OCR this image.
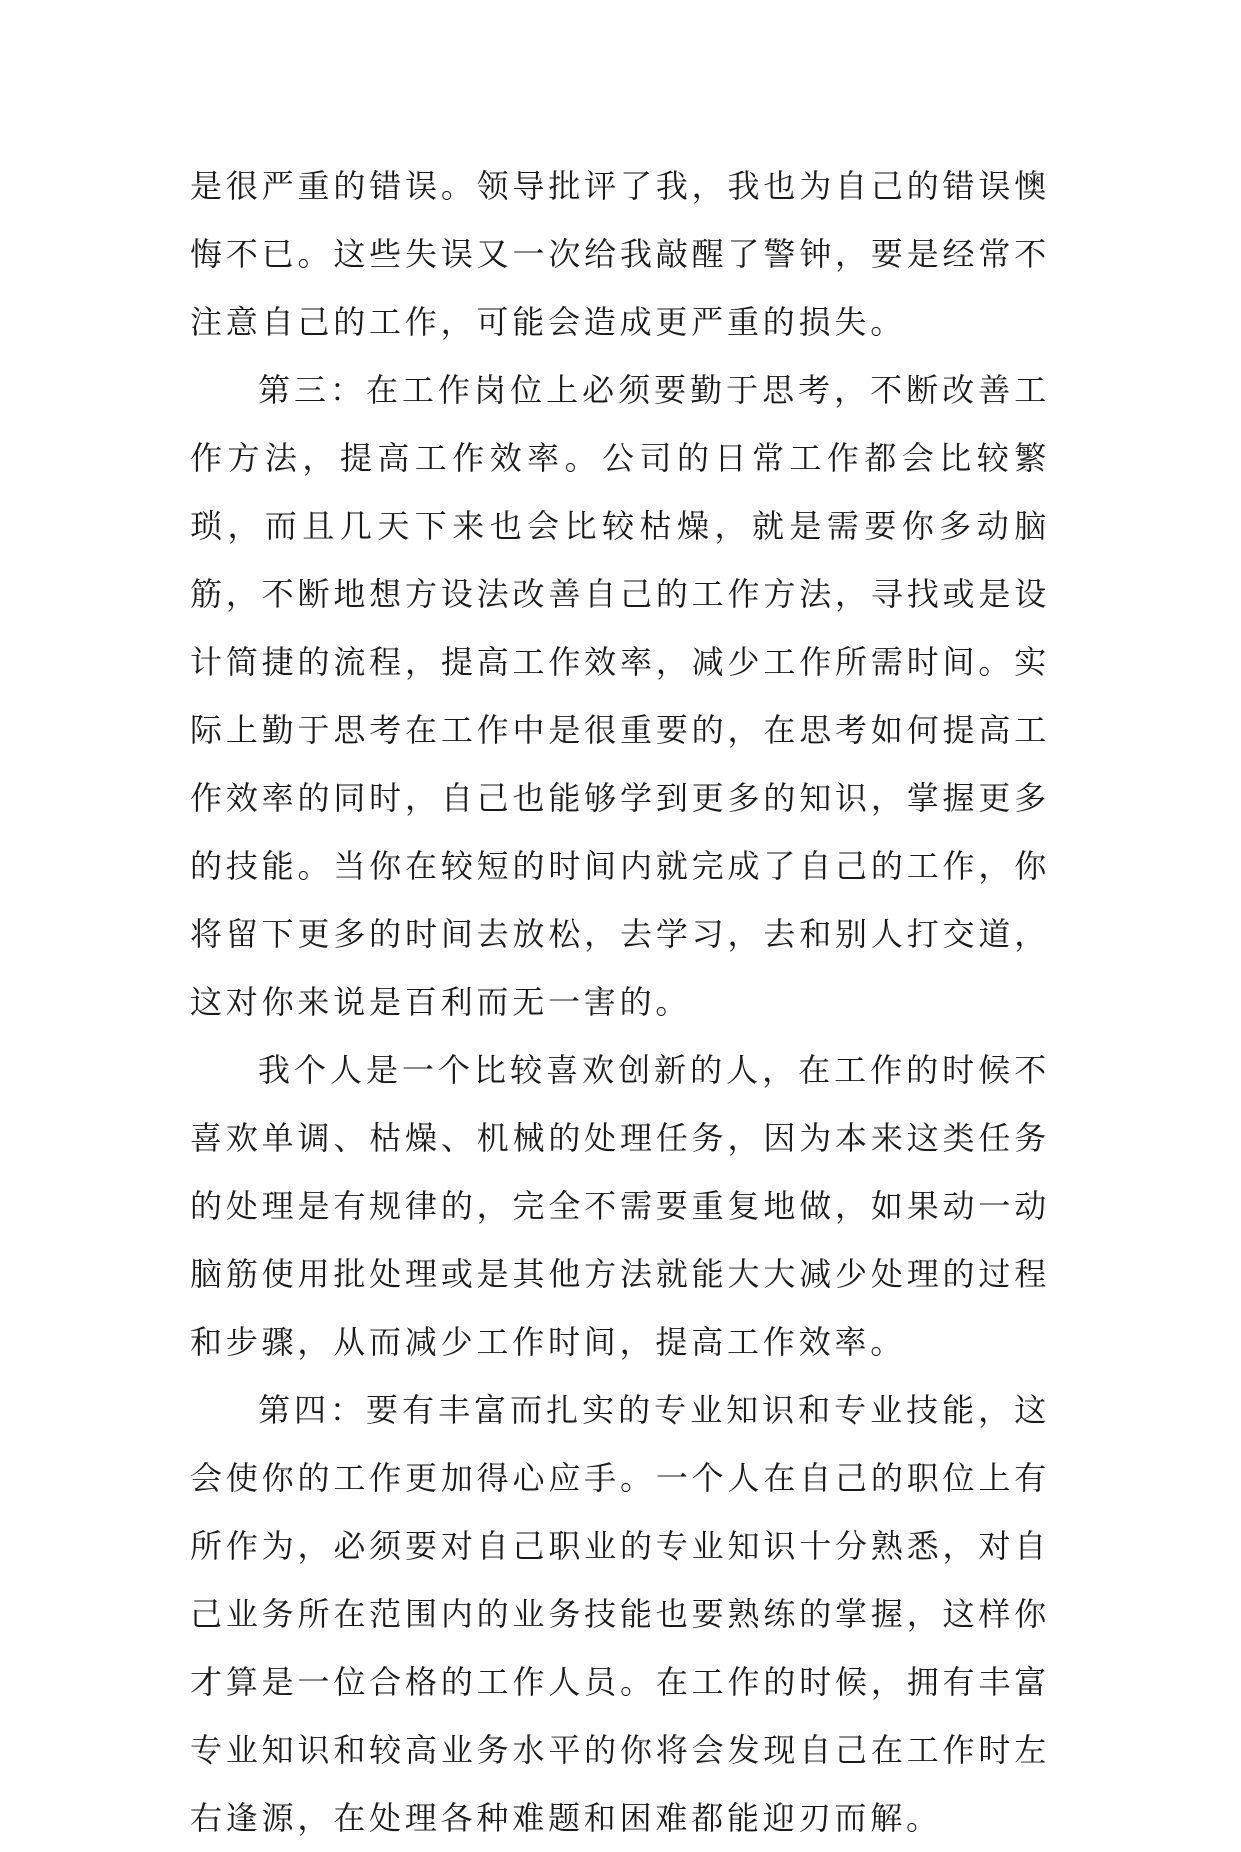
是很严重的错误。领导批评了我，我也为自己的错误懊悔不已。这些失误又一次给我敲醒了警钟，要是经常不注意自己的工作，可能会造成更严重的损失。

第三：在工作岗位上必须要勤于思考，不断改善工作方法，提高工作效率。公司的日常工作都会比较繁琐，而且几天下来也会比较枯燥，就是需要你多动脑筋，不断地想方设法改善自己的工作方法，寻找或是设计简捷的流程，提高工作效率，减少工作所需时间。实际上勤于思考在工作中是很重要的，在思考如何提高工作效率的同时，自己也能够学到更多的知识，掌握更多的技能。当你在较短的时间内就完成了自己的工作，你将留下更多的时间去放松，去学习，去和别人打交道，这对你来说是百利而无一害的。

我个人是一个比较喜欢创新的人，在工作的时候不喜欢单调、枯燥、机械的处理任务，因为本来这类任务的处理是有规律的，完全不需要重复地做，如果动一动脑筋使用批处理或是其他方法就能大大减少处理的过程和步骤，从而减少工作时间，提高工作效率。

第四：要有丰富而扎实的专业知识和专业技能，这会使你的工作更加得心应手。一个人在自己的职位上有所作为，必须要对自己职业的专业知识十分熟悉，对自己业务所在范围内的业务技能也要熟练的掌握，这样你才算是一位合格的工作人员。在工作的时候，拥有丰富专业知识和较高业务水平的你将会发现自己在工作时左右逢源，在处理各种难题和困难都能迎刃而解。
